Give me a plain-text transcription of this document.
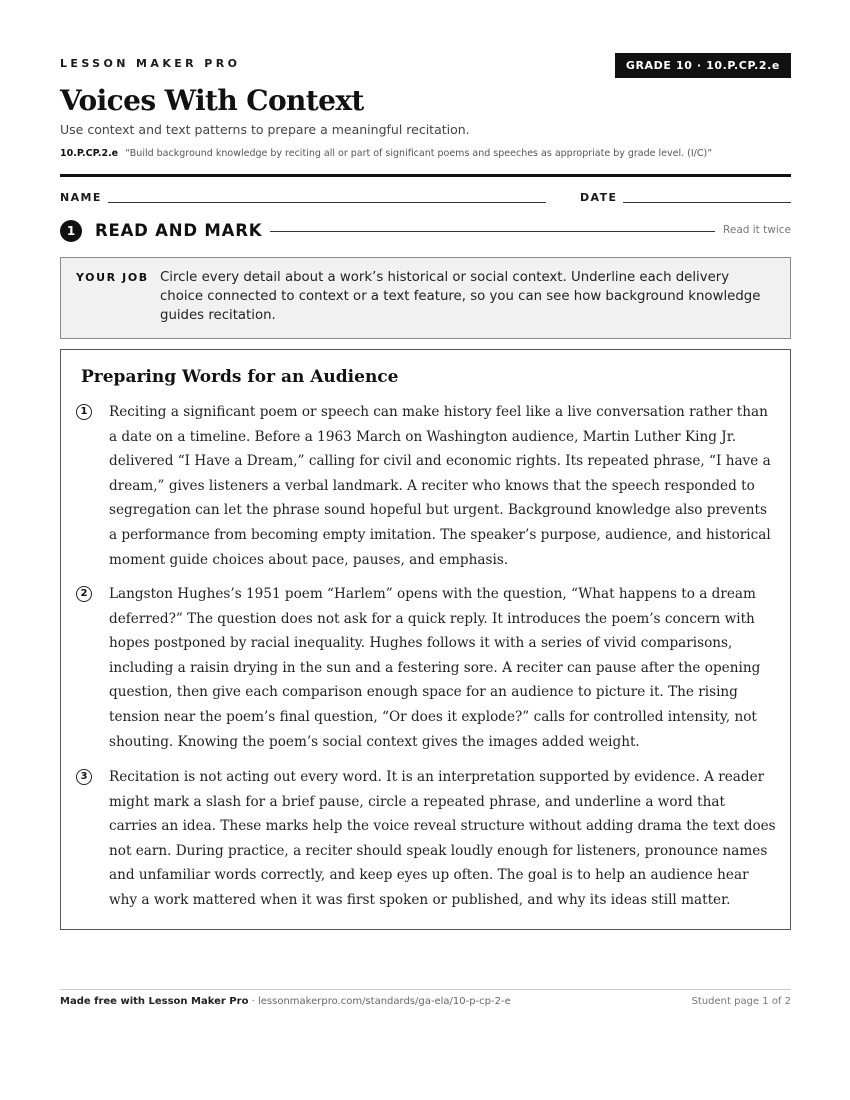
LESSON MAKER PRO	GRADE 10 · 10.P.CP.2.e
Voices With Context
Use context and text patterns to prepare a meaningful recitation.
10.P.CP.2.e “Build background knowledge by reciting all or part of significant poems and speeches as appropriate by grade level. (I/C)”
NAME	DATE
1	READ AND MARK	Read it twice
YOUR JOB Circle every detail about a work’s historical or social context. Underline each delivery choice connected to context or a text feature, so you can see how background knowledge guides recitation.
Preparing Words for an Audience
1	Reciting a significant poem or speech can make history feel like a live conversation rather than a date on a timeline. Before a 1963 March on Washington audience, Martin Luther King Jr. delivered “I Have a Dream,” calling for civil and economic rights. Its repeated phrase, “I have a dream,” gives listeners a verbal landmark. A reciter who knows that the speech responded to segregation can let the phrase sound hopeful but urgent. Background knowledge also prevents a performance from becoming empty imitation. The speaker’s purpose, audience, and historical moment guide choices about pace, pauses, and emphasis.

2	Langston Hughes’s 1951 poem “Harlem” opens with the question, “What happens to a dream deferred?” The question does not ask for a quick reply. It introduces the poem’s concern with hopes postponed by racial inequality. Hughes follows it with a series of vivid comparisons, including a raisin drying in the sun and a festering sore. A reciter can pause after the opening question, then give each comparison enough space for an audience to picture it. The rising tension near the poem’s final question, “Or does it explode?” calls for controlled intensity, not shouting. Knowing the poem’s social context gives the images added weight.

3	Recitation is not acting out every word. It is an interpretation supported by evidence. A reader might mark a slash for a brief pause, circle a repeated phrase, and underline a word that carries an idea. These marks help the voice reveal structure without adding drama the text does not earn. During practice, a reciter should speak loudly enough for listeners, pronounce names and unfamiliar words correctly, and keep eyes up often. The goal is to help an audience hear why a work mattered when it was first spoken or published, and why its ideas still matter.

Made free with Lesson Maker Pro · lessonmakerpro.com/standards/ga-ela/10-p-cp-2-e	Student page 1 of 2
